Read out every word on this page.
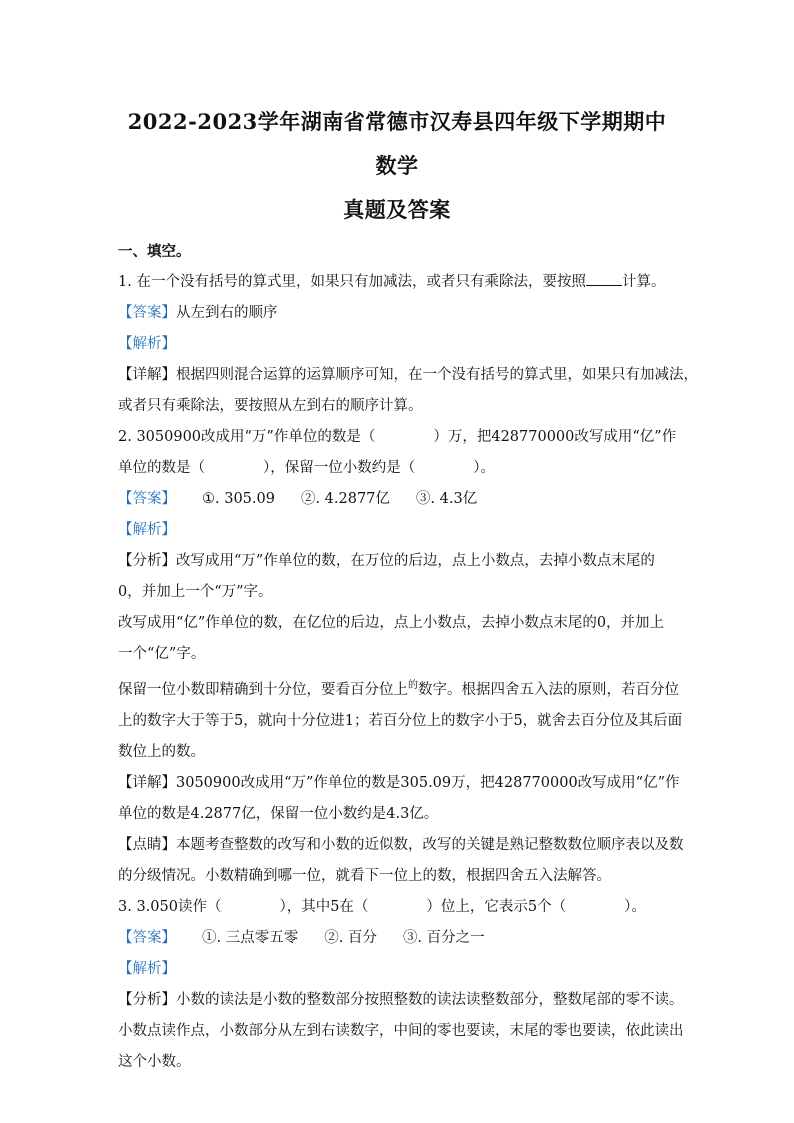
2022-2023学年湖南省常德市汉寿县四年级下学期期中数学

真题及答案

一、填空。

1. 在一个没有括号的算式里，如果只有加减法，或者只有乘除法，要按照 计算。

【答案】从左到右的顺序

【解析】

【详解】根据四则混合运算的运算顺序可知，在一个没有括号的算式里，如果只有加减法，

或者只有乘除法，要按照从左到右的顺序计算。

2. 3050900改成用“万”作单位的数是（　　　　）万，把428770000改写成用“亿”作

单位的数是（　　　　），保留一位小数约是（　　　　）。

【答案】 ①. 305.09 ②. 4.2877亿 ③. 4.3亿

【解析】

【分析】改写成用“万”作单位的数，在万位的后边，点上小数点，去掉小数点末尾的

0，并加上一个“万”字。

改写成用“亿”作单位的数，在亿位的后边，点上小数点，去掉小数点末尾的0，并加上

一个“亿”字。

保留一位小数即精确到十分位，要看百分位上$^的$数字。根据四舍五入法的原则，若百分位

上的数字大于等于5，就向十分位进1；若百分位上的数字小于5，就舍去百分位及其后面

数位上的数。

【详解】3050900改成用“万”作单位的数是305.09万，把428770000改写成用“亿”作

单位的数是4.2877亿，保留一位小数约是4.3亿。

【点睛】本题考查整数的改写和小数的近似数，改写的关键是熟记整数数位顺序表以及数

的分级情况。小数精确到哪一位，就看下一位上的数，根据四舍五入法解答。

3. 3.050读作（　　　　），其中5在（　　　　）位上，它表示5个（　　　　）。

【答案】 ①. 三点零五零 ②. 百分 ③. 百分之一

【解析】

【分析】小数的读法是小数的整数部分按照整数的读法读整数部分，整数尾部的零不读。

小数点读作点，小数部分从左到右读数字，中间的零也要读，末尾的零也要读，依此读出

这个小数。
